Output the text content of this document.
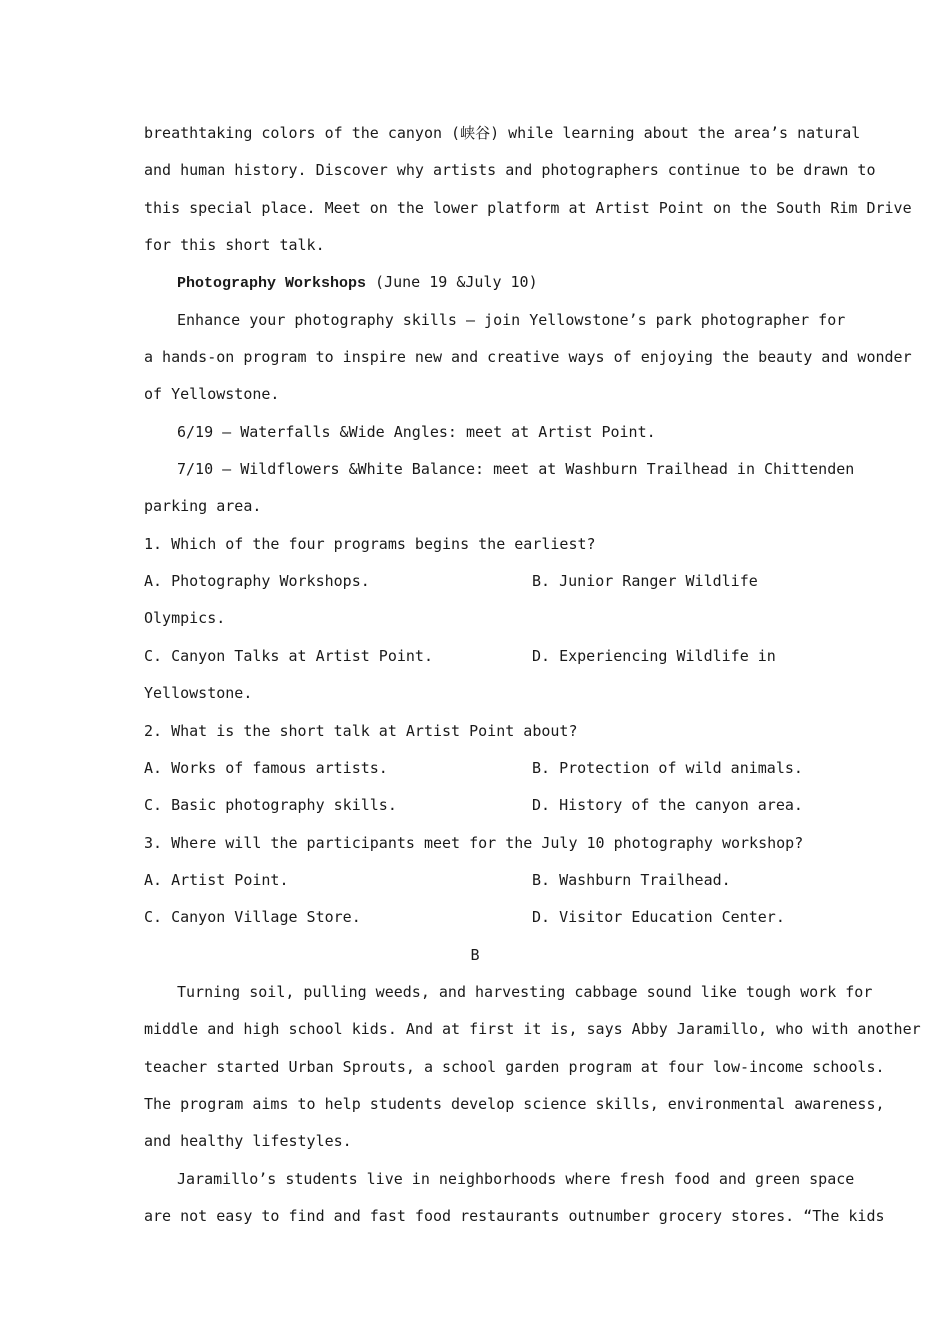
breathtaking colors of the canyon (峡谷) while learning about the area’s natural
and human history. Discover why artists and photographers continue to be drawn to
this special place. Meet on the lower platform at Artist Point on the South Rim Drive
for this short talk.
Photography Workshops (June 19 &July 10)
Enhance your photography skills — join Yellowstone’s park photographer for
a hands-on program to inspire new and creative ways of enjoying the beauty and wonder
of Yellowstone.
6/19 — Waterfalls &Wide Angles: meet at Artist Point.
7/10 — Wildflowers &White Balance: meet at Washburn Trailhead in Chittenden
parking area.
1. Which of the four programs begins the earliest?
A. Photography Workshops.	B. Junior Ranger Wildlife
Olympics.
C. Canyon Talks at Artist Point.	D. Experiencing Wildlife in
Yellowstone.
2. What is the short talk at Artist Point about?
A. Works of famous artists.	B. Protection of wild animals.
C. Basic photography skills.	D. History of the canyon area.
3. Where will the participants meet for the July 10 photography workshop?
A. Artist Point.	B. Washburn Trailhead.
C. Canyon Village Store.	D. Visitor Education Center.
B
Turning soil, pulling weeds, and harvesting cabbage sound like tough work for
middle and high school kids. And at first it is, says Abby Jaramillo, who with another
teacher started Urban Sprouts, a school garden program at four low-income schools.
The program aims to help students develop science skills, environmental awareness,
and healthy lifestyles.
Jaramillo’s students live in neighborhoods where fresh food and green space
are not easy to find and fast food restaurants outnumber grocery stores. “The kids
